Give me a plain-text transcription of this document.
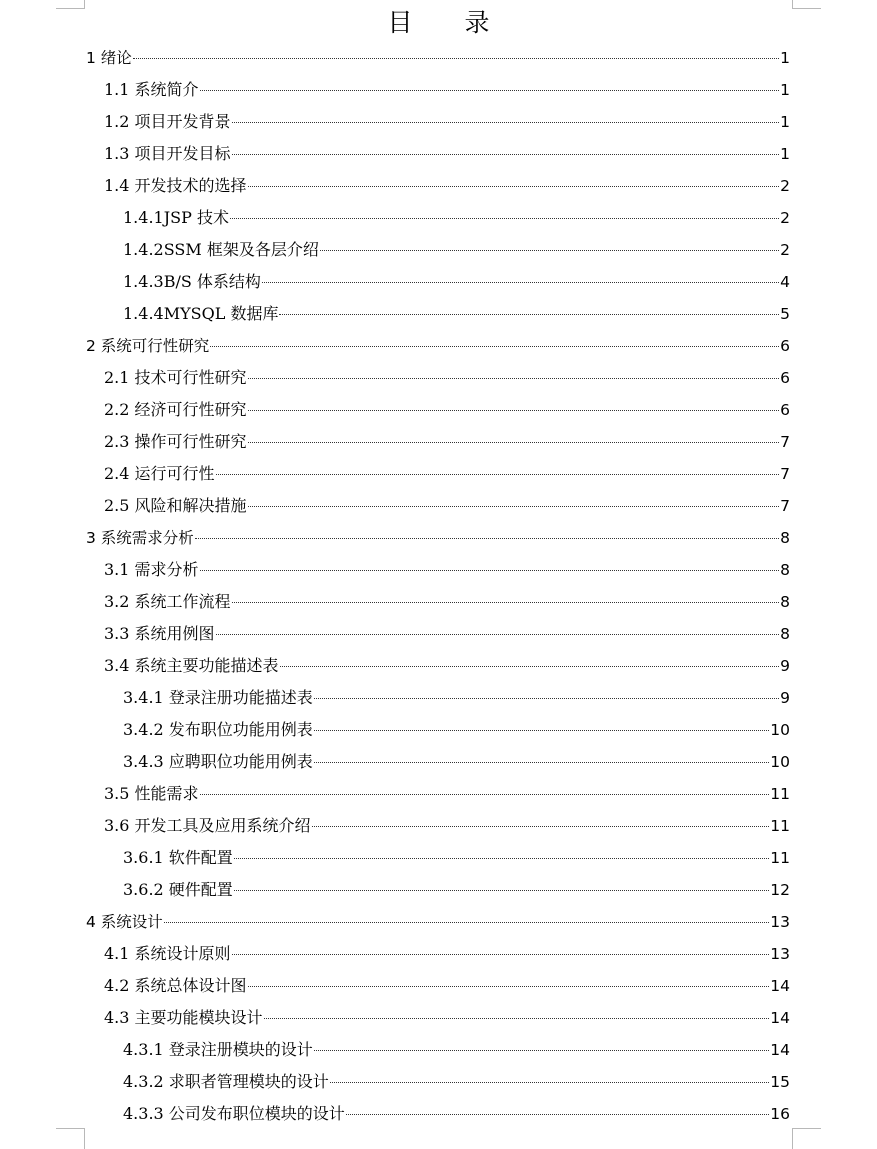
目 录
1 绪论	1
1.1 系统简介	1
1.2 项目开发背景	1
1.3 项目开发目标	1
1.4 开发技术的选择	2
1.4.1JSP 技术	2
1.4.2SSM 框架及各层介绍	2
1.4.3B/S 体系结构	4
1.4.4MYSQL 数据库	5
2 系统可行性研究	6
2.1 技术可行性研究	6
2.2 经济可行性研究	6
2.3 操作可行性研究	7
2.4 运行可行性	7
2.5 风险和解决措施	7
3 系统需求分析	8
3.1 需求分析	8
3.2 系统工作流程	8
3.3 系统用例图	8
3.4 系统主要功能描述表	9
3.4.1 登录注册功能描述表	9
3.4.2 发布职位功能用例表	10
3.4.3 应聘职位功能用例表	10
3.5 性能需求	11
3.6 开发工具及应用系统介绍	11
3.6.1 软件配置	11
3.6.2 硬件配置	12
4 系统设计	13
4.1 系统设计原则	13
4.2 系统总体设计图	14
4.3 主要功能模块设计	14
4.3.1 登录注册模块的设计	14
4.3.2 求职者管理模块的设计	15
4.3.3 公司发布职位模块的设计	16
